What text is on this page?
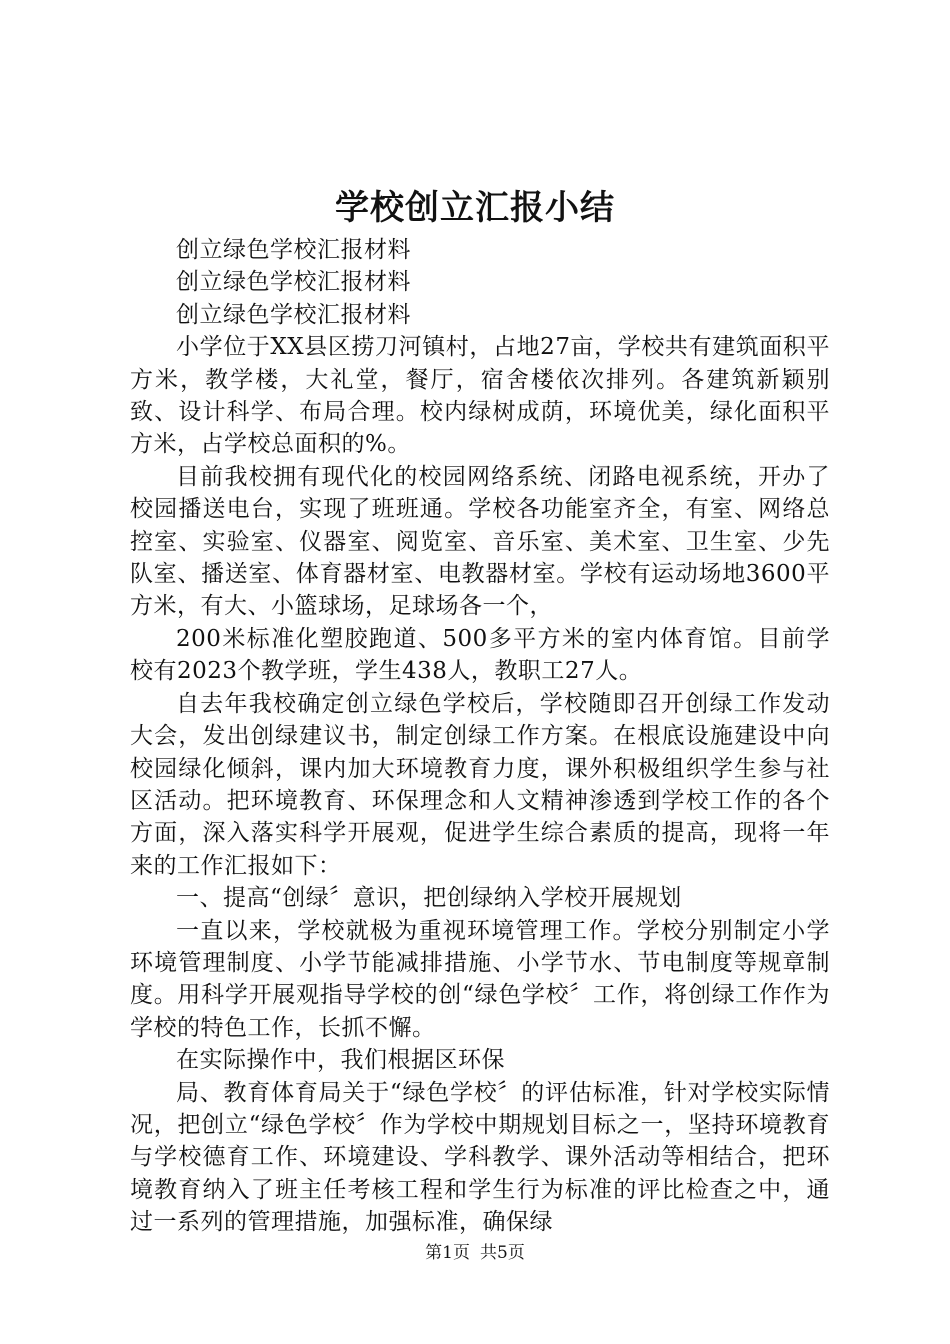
学校创立汇报小结

创立绿色学校汇报材料

创立绿色学校汇报材料

创立绿色学校汇报材料

小学位于XX县区捞刀河镇村，占地27亩，学校共有建筑面积平方米，教学楼，大礼堂，餐厅，宿舍楼依次排列。各建筑新颖别致、设计科学、布局合理。校内绿树成荫，环境优美，绿化面积平方米，占学校总面积的%。

目前我校拥有现代化的校园网络系统、闭路电视系统，开办了校园播送电台，实现了班班通。学校各功能室齐全，有室、网络总控室、实验室、仪器室、阅览室、音乐室、美术室、卫生室、少先队室、播送室、体育器材室、电教器材室。学校有运动场地3600平方米，有大、小篮球场，足球场各一个，

200米标准化塑胶跑道、500多平方米的室内体育馆。目前学校有2023个教学班，学生438人，教职工27人。

自去年我校确定创立绿色学校后，学校随即召开创绿工作发动大会，发出创绿建议书，制定创绿工作方案。在根底设施建设中向校园绿化倾斜，课内加大环境教育力度，课外积极组织学生参与社区活动。把环境教育、环保理念和人文精神渗透到学校工作的各个方面，深入落实科学开展观，促进学生综合素质的提高，现将一年来的工作汇报如下：

一、提高“创绿〞意识，把创绿纳入学校开展规划

一直以来，学校就极为重视环境管理工作。学校分别制定小学环境管理制度、小学节能减排措施、小学节水、节电制度等规章制度。用科学开展观指导学校的创“绿色学校〞工作，将创绿工作作为学校的特色工作，长抓不懈。

在实际操作中，我们根据区环保

局、教育体育局关于“绿色学校〞的评估标准，针对学校实际情况，把创立“绿色学校〞作为学校中期规划目标之一，坚持环境教育与学校德育工作、环境建设、学科教学、课外活动等相结合，把环境教育纳入了班主任考核工程和学生行为标准的评比检查之中，通过一系列的管理措施，加强标准，确保绿

第1页 共5页
